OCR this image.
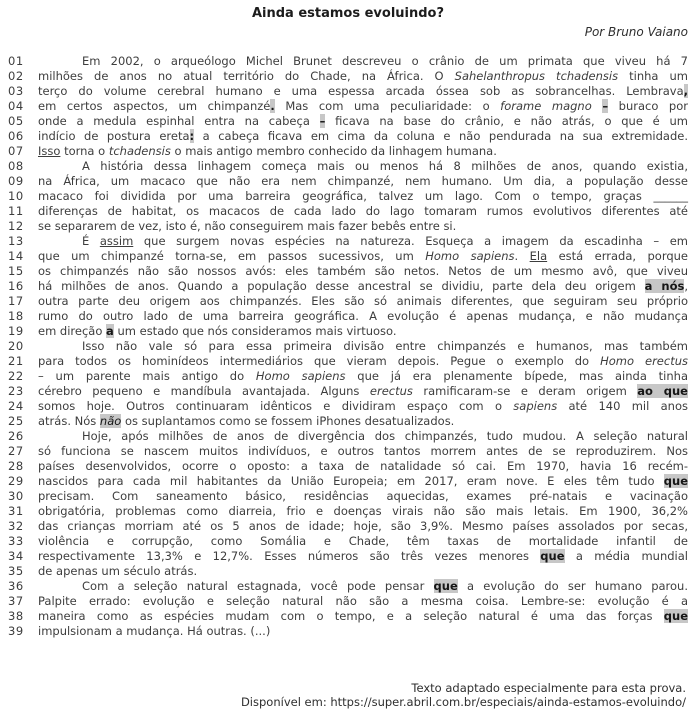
Ainda estamos evoluindo?
Por Bruno Vaiano
01	Em 2002, o arqueólogo Michel Brunet descreveu o crânio de um primata que viveu há 7
02	milhões de anos no atual território do Chade, na África. O Sahelanthropus tchadensis tinha um
03	terço do volume cerebral humano e uma espessa arcada óssea sob as sobrancelhas. Lembrava,
04	em certos aspectos, um chimpanzé. Mas com uma peculiaridade: o forame magno – buraco por
05	onde a medula espinhal entra na cabeça – ficava na base do crânio, e não atrás, o que é um
06	indício de postura ereta: a cabeça ficava em cima da coluna e não pendurada na sua extremidade.
07	Isso torna o tchadensis o mais antigo membro conhecido da linhagem humana.
08	A história dessa linhagem começa mais ou menos há 8 milhões de anos, quando existia,
09	na África, um macaco que não era nem chimpanzé, nem humano. Um dia, a população desse
10	macaco foi dividida por uma barreira geográfica, talvez um lago. Com o tempo, graças ______
11	diferenças de habitat, os macacos de cada lado do lago tomaram rumos evolutivos diferentes até
12	se separarem de vez, isto é, não conseguirem mais fazer bebês entre si.
13	É assim que surgem novas espécies na natureza. Esqueça a imagem da escadinha – em
14	que um chimpanzé torna-se, em passos sucessivos, um Homo sapiens. Ela está errada, porque
15	os chimpanzés não são nossos avós: eles também são netos. Netos de um mesmo avô, que viveu
16	há milhões de anos. Quando a população desse ancestral se dividiu, parte dela deu origem a nós,
17	outra parte deu origem aos chimpanzés. Eles são só animais diferentes, que seguiram seu próprio
18	rumo do outro lado de uma barreira geográfica. A evolução é apenas mudança, e não mudança
19	em direção a um estado que nós consideramos mais virtuoso.
20	Isso não vale só para essa primeira divisão entre chimpanzés e humanos, mas também
21	para todos os hominídeos intermediários que vieram depois. Pegue o exemplo do Homo erectus
22	– um parente mais antigo do Homo sapiens que já era plenamente bípede, mas ainda tinha
23	cérebro pequeno e mandíbula avantajada. Alguns erectus ramificaram-se e deram origem ao que
24	somos hoje. Outros continuaram idênticos e dividiram espaço com o sapiens até 140 mil anos
25	atrás. Nós não os suplantamos como se fossem iPhones desatualizados.
26	Hoje, após milhões de anos de divergência dos chimpanzés, tudo mudou. A seleção natural
27	só funciona se nascem muitos indivíduos, e outros tantos morrem antes de se reproduzirem. Nos
28	países desenvolvidos, ocorre o oposto: a taxa de natalidade só cai. Em 1970, havia 16 recém-
29	nascidos para cada mil habitantes da União Europeia; em 2017, eram nove. E eles têm tudo que
30	precisam. Com saneamento básico, residências aquecidas, exames pré-natais e vacinação
31	obrigatória, problemas como diarreia, frio e doenças virais não são mais letais. Em 1900, 36,2%
32	das crianças morriam até os 5 anos de idade; hoje, são 3,9%. Mesmo países assolados por secas,
33	violência e corrupção, como Somália e Chade, têm taxas de mortalidade infantil de
34	respectivamente 13,3% e 12,7%. Esses números são três vezes menores que a média mundial
35	de apenas um século atrás.
36	Com a seleção natural estagnada, você pode pensar que a evolução do ser humano parou.
37	Palpite errado: evolução e seleção natural não são a mesma coisa. Lembre-se: evolução é a
38	maneira como as espécies mudam com o tempo, e a seleção natural é uma das forças que
39	impulsionam a mudança. Há outras. (...)
Texto adaptado especialmente para esta prova.
Disponível em: https://super.abril.com.br/especiais/ainda-estamos-evoluindo/
